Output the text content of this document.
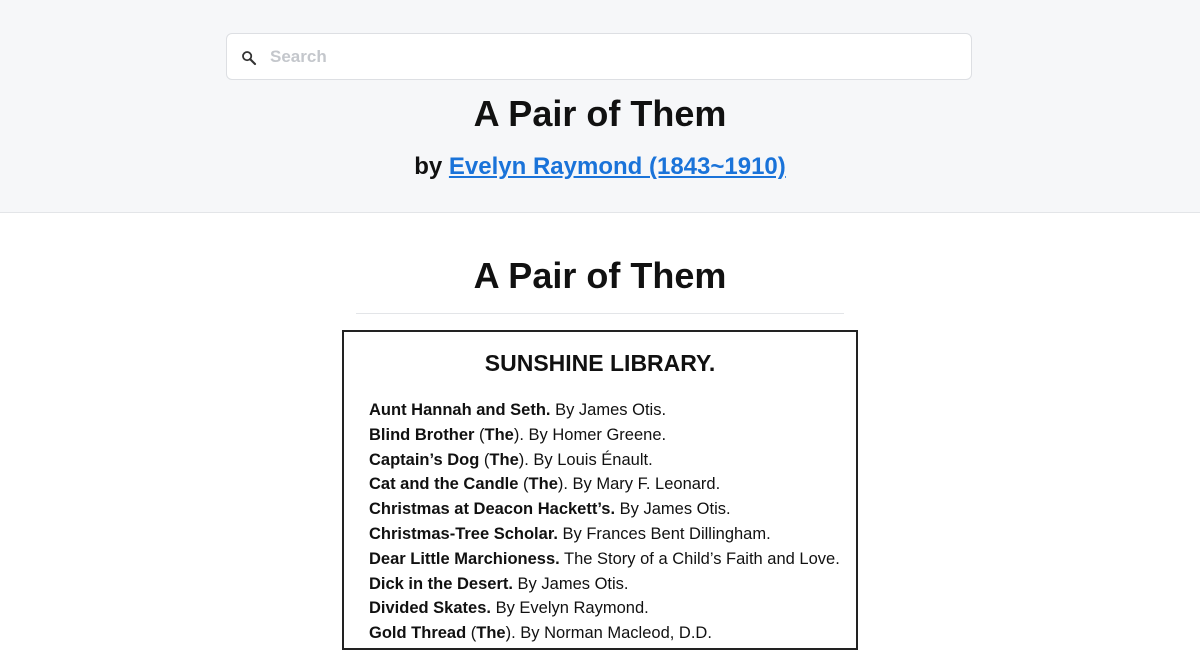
Search
A Pair of Them
by Evelyn Raymond (1843~1910)
A Pair of Them
SUNSHINE LIBRARY.
Aunt Hannah and Seth. By James Otis.
Blind Brother (The). By Homer Greene.
Captain’s Dog (The). By Louis Énault.
Cat and the Candle (The). By Mary F. Leonard.
Christmas at Deacon Hackett’s. By James Otis.
Christmas-Tree Scholar. By Frances Bent Dillingham.
Dear Little Marchioness. The Story of a Child’s Faith and Love.
Dick in the Desert. By James Otis.
Divided Skates. By Evelyn Raymond.
Gold Thread (The). By Norman Macleod, D.D.
